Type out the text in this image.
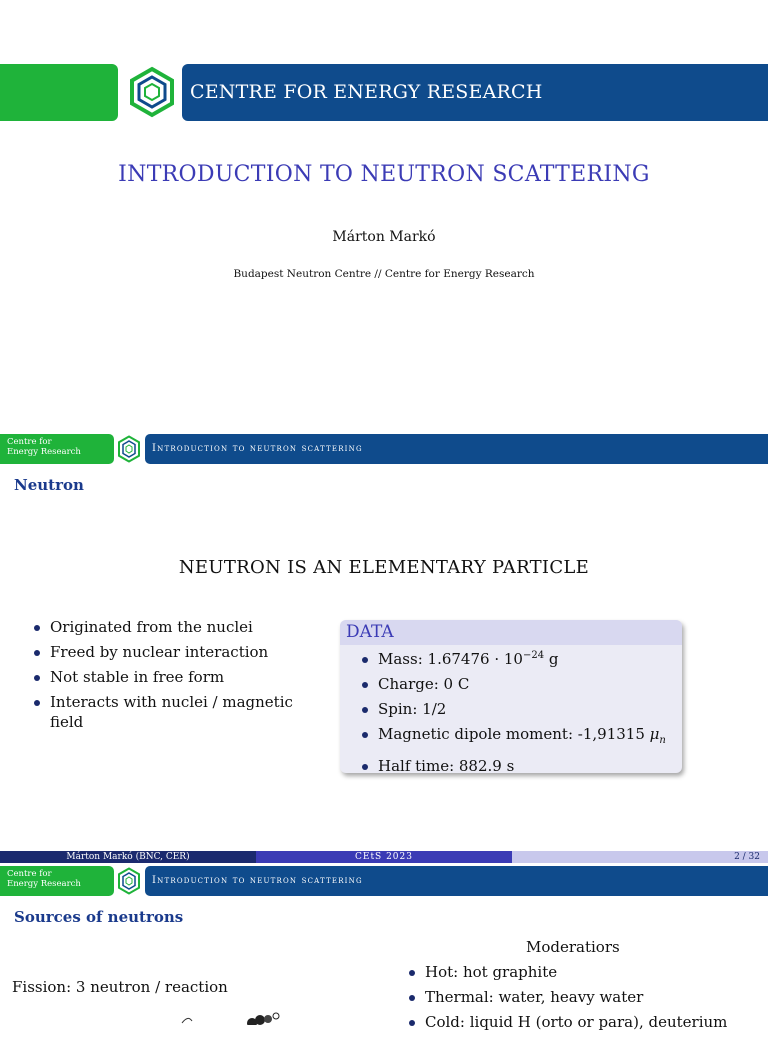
CENTRE FOR ENERGY RESEARCH
INTRODUCTION TO NEUTRON SCATTERING
Márton Markó
Budapest Neutron Centre // Centre for Energy Research
Centre for
Energy Research	Introduction to neutron scattering
Neutron
NEUTRON IS AN ELEMENTARY PARTICLE
Originated from the nuclei
Freed by nuclear interaction
Not stable in free form
Interacts with nuclei / magnetic field
DATA
Mass: $1.67476 \cdot 10^{-24}$ g
Charge: 0 C
Spin: 1/2
Magnetic dipole moment: -1,91315 $\mu_n$
Half time: 882.9 s
Márton Markó (BNC, CER)	CEtS 2023	2 / 32
Centre for
Energy Research	Introduction to neutron scattering
Sources of neutrons
Moderatiors
Hot: hot graphite
Thermal: water, heavy water
Cold: liquid H (orto or para), deuterium
Fission: 3 neutron / reaction
